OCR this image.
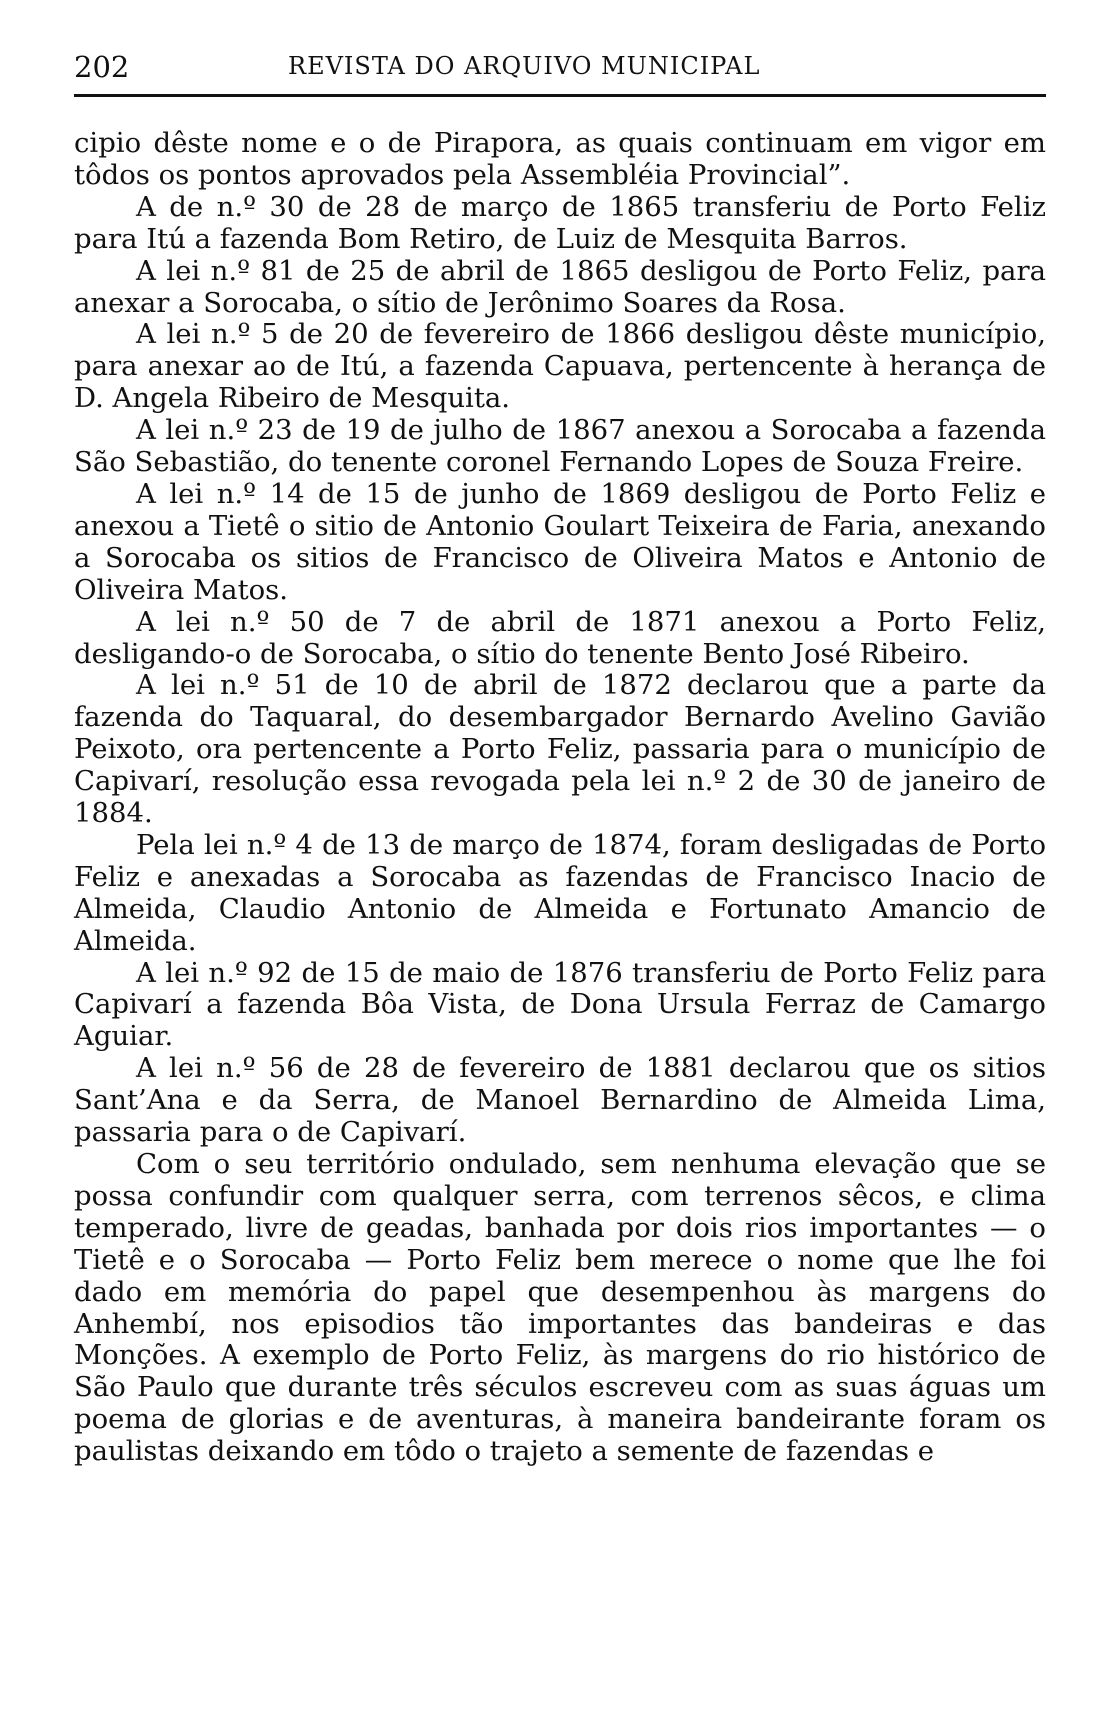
202	REVISTA DO ARQUIVO MUNICIPAL

cipio dêste nome e o de Pirapora, as quais continuam em vigor em tôdos os pontos aprovados pela Assembléia Provincial”.

A de n.º 30 de 28 de março de 1865 transferiu de Porto Feliz para Itú a fazenda Bom Retiro, de Luiz de Mesquita Barros.

A lei n.º 81 de 25 de abril de 1865 desligou de Porto Feliz, para anexar a Sorocaba, o sítio de Jerônimo Soares da Rosa.

A lei n.º 5 de 20 de fevereiro de 1866 desligou dêste município, para anexar ao de Itú, a fazenda Capuava, pertencente à herança de D. Angela Ribeiro de Mesquita.

A lei n.º 23 de 19 de julho de 1867 anexou a Sorocaba a fazenda São Sebastião, do tenente coronel Fernando Lopes de Souza Freire.

A lei n.º 14 de 15 de junho de 1869 desligou de Porto Feliz e anexou a Tietê o sitio de Antonio Goulart Teixeira de Faria, anexando a Sorocaba os sitios de Francisco de Oliveira Matos e Antonio de Oliveira Matos.

A lei n.º 50 de 7 de abril de 1871 anexou a Porto Feliz, desligando-o de Sorocaba, o sítio do tenente Bento José Ribeiro.

A lei n.º 51 de 10 de abril de 1872 declarou que a parte da fazenda do Taquaral, do desembargador Bernardo Avelino Gavião Peixoto, ora pertencente a Porto Feliz, passaria para o município de Capivarí, resolução essa revogada pela lei n.º 2 de 30 de janeiro de 1884.

Pela lei n.º 4 de 13 de março de 1874, foram desligadas de Porto Feliz e anexadas a Sorocaba as fazendas de Francisco Inacio de Almeida, Claudio Antonio de Almeida e Fortunato Amancio de Almeida.

A lei n.º 92 de 15 de maio de 1876 transferiu de Porto Feliz para Capivarí a fazenda Bôa Vista, de Dona Ursula Ferraz de Camargo Aguiar.

A lei n.º 56 de 28 de fevereiro de 1881 declarou que os sitios Sant’Ana e da Serra, de Manoel Bernardino de Almeida Lima, passaria para o de Capivarí.

Com o seu território ondulado, sem nenhuma elevação que se possa confundir com qualquer serra, com terrenos sêcos, e clima temperado, livre de geadas, banhada por dois rios importantes — o Tietê e o Sorocaba — Porto Feliz bem merece o nome que lhe foi dado em memória do papel que desempenhou às margens do Anhembí, nos episodios tão importantes das bandeiras e das Monções. A exemplo de Porto Feliz, às margens do rio histórico de São Paulo que durante três séculos escreveu com as suas águas um poema de glorias e de aventuras, à maneira bandeirante foram os paulistas deixando em tôdo o trajeto a semente de fazendas e
